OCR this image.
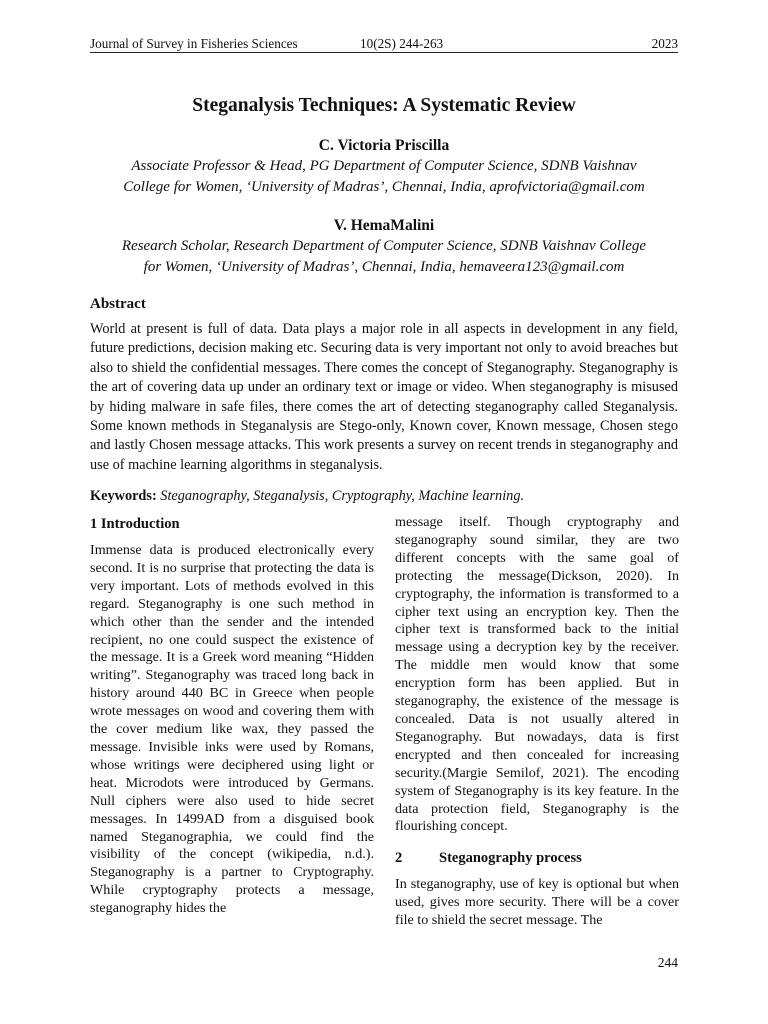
Journal of Survey in Fisheries Sciences	10(2S) 244-263	2023
Steganalysis Techniques: A Systematic Review
C. Victoria Priscilla
Associate Professor & Head, PG Department of Computer Science, SDNB Vaishnav
College for Women, ‘University of Madras’, Chennai, India, aprofvictoria@gmail.com
V. HemaMalini
Research Scholar, Research Department of Computer Science, SDNB Vaishnav College
for Women, ‘University of Madras’, Chennai, India, hemaveera123@gmail.com
Abstract
World at present is full of data. Data plays a major role in all aspects in development in any field, future predictions, decision making etc. Securing data is very important not only to avoid breaches but also to shield the confidential messages. There comes the concept of Steganography. Steganography is the art of covering data up under an ordinary text or image or video. When steganography is misused by hiding malware in safe files, there comes the art of detecting steganography called Steganalysis. Some known methods in Steganalysis are Stego-only, Known cover, Known message, Chosen stego and lastly Chosen message attacks. This work presents a survey on recent trends in steganography and use of machine learning algorithms in steganalysis.
Keywords: Steganography, Steganalysis, Cryptography, Machine learning.
1 Introduction
Immense data is produced electronically every second. It is no surprise that protecting the data is very important. Lots of methods evolved in this regard. Steganography is one such method in which other than the sender and the intended recipient, no one could suspect the existence of the message. It is a Greek word meaning “Hidden writing”. Steganography was traced long back in history around 440 BC in Greece when people wrote messages on wood and covering them with the cover medium like wax, they passed the message. Invisible inks were used by Romans, whose writings were deciphered using light or heat. Microdots were introduced by Germans. Null ciphers were also used to hide secret messages. In 1499AD from a disguised book named Steganographia, we could find the visibility of the concept (wikipedia, n.d.). Steganography is a partner to Cryptography. While cryptography protects a message, steganography hides the
message itself. Though cryptography and steganography sound similar, they are two different concepts with the same goal of protecting the message(Dickson, 2020). In cryptography, the information is transformed to a cipher text using an encryption key. Then the cipher text is transformed back to the initial message using a decryption key by the receiver. The middle men would know that some encryption form has been applied. But in steganography, the existence of the message is concealed. Data is not usually altered in Steganography. But nowadays, data is first encrypted and then concealed for increasing security.(Margie Semilof, 2021). The encoding system of Steganography is its key feature. In the data protection field, Steganography is the flourishing concept.
2	Steganography process
In steganography, use of key is optional but when used, gives more security. There will be a cover file to shield the secret message. The
244
